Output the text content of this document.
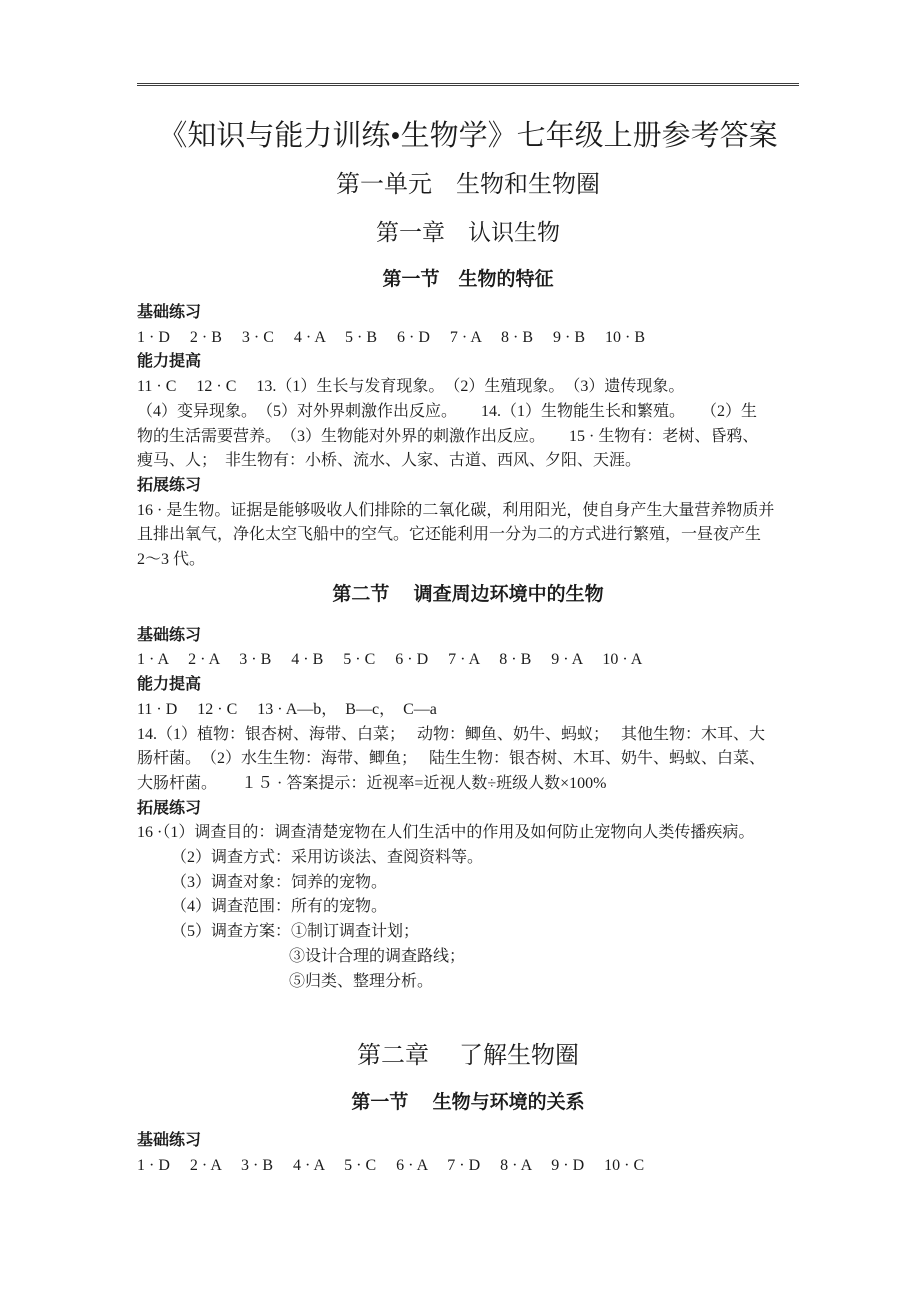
《知识与能力训练•生物学》七年级上册参考答案
第一单元　生物和生物圈
第一章　认识生物
第一节　生物的特征
基础练习
1 · D　 2 · B　 3 · C　 4 · A　 5 · B　 6 · D　 7 · A　 8 · B　 9 · B　 10 · B
能力提高
11 · C　 12 · C　 13.（1）生长与发育现象。　（2）生殖现象。　（3）遗传现象。
（4）变异现象。　（5）对外界刺激作出反应。　　14.（1）生物能生长和繁殖。　　（2）生
物的生活需要营养。　（3）生物能对外界的刺激作出反应。　　15 · 生物有：老树、昏鸦、
瘦马、人；　非生物有：小桥、流水、人家、古道、西风、夕阳、天涯。
拓展练习
16 · 是生物。证据是能够吸收人们排除的二氧化碳，利用阳光，使自身产生大量营养物质并
且排出氧气，净化太空飞船中的空气。它还能利用一分为二的方式进行繁殖，一昼夜产生
2～3 代。
第二节　 调查周边环境中的生物
基础练习
1 · A　 2 · A　 3 · B　 4 · B　 5 · C　 6 · D　 7 · A　 8 · B　 9 · A　 10 · A
能力提高
11 · D　 12 · C　 13 · A—b，　B—c，　C—a
14.（1）植物：银杏树、海带、白菜；　 动物：鲫鱼、奶牛、蚂蚁；　 其他生物：木耳、大
肠杆菌。　（2）水生生物：海带、鲫鱼；　 陆生生物：银杏树、木耳、奶牛、蚂蚁、白菜、
大肠杆菌。　　１５ · 答案提示：近视率=近视人数÷班级人数×100%
拓展练习
16 ·（1）调查目的：调查清楚宠物在人们生活中的作用及如何防止宠物向人类传播疾病。
（2）调查方式：采用访谈法、查阅资料等。
（3）调查对象：饲养的宠物。
（4）调查范围：所有的宠物。
（5）调查方案：①制订调查计划；
③设计合理的调查路线；
⑤归类、整理分析。
第二章　 了解生物圈
第一节　 生物与环境的关系
基础练习
1 · D　 2 · A　 3 · B　 4 · A　 5 · C　 6 · A　 7 · D　 8 · A　 9 · D　 10 · C
